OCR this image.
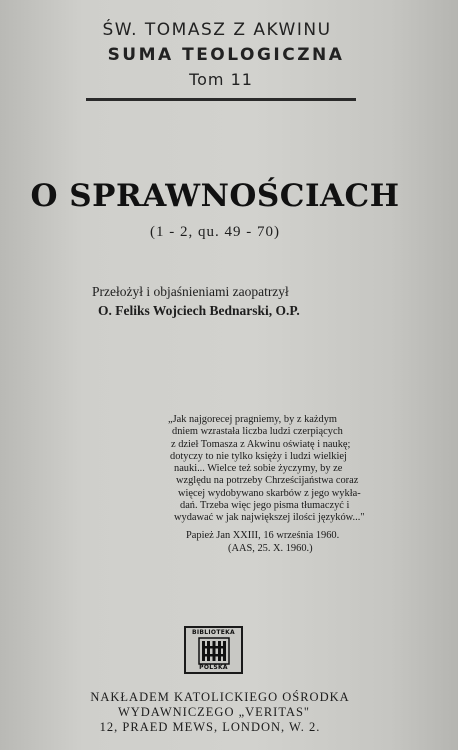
ŚW. TOMASZ Z AKWINU
SUMA TEOLOGICZNA
Tom 11
O SPRAWNOŚCIACH
(1 - 2, qu. 49 - 70)
Przełożył i objaśnieniami zaopatrzył
O. Feliks Wojciech Bednarski, O.P.
„Jak najgorecej pragniemy, by z każdym
dniem wzrastała liczba ludzi czerpiących
z dzieł Tomasza z Akwinu oświatę i naukę;
dotyczy to nie tylko księży i ludzi wielkiej
nauki... Wielce też sobie życzymy, by ze
względu na potrzeby Chrześcijaństwa coraz
więcej wydobywano skarbów z jego wykła-
dań. Trzeba więc jego pisma tłumaczyć i
wydawać w jak największej ilości języków..."
Papież Jan XXIII, 16 września 1960.
(AAS, 25. X. 1960.)
BIBLIOTEKA
POLSKA
NAKŁADEM KATOLICKIEGO OŚRODKA
WYDAWNICZEGO „VERITAS"
12, PRAED MEWS, LONDON, W. 2.
